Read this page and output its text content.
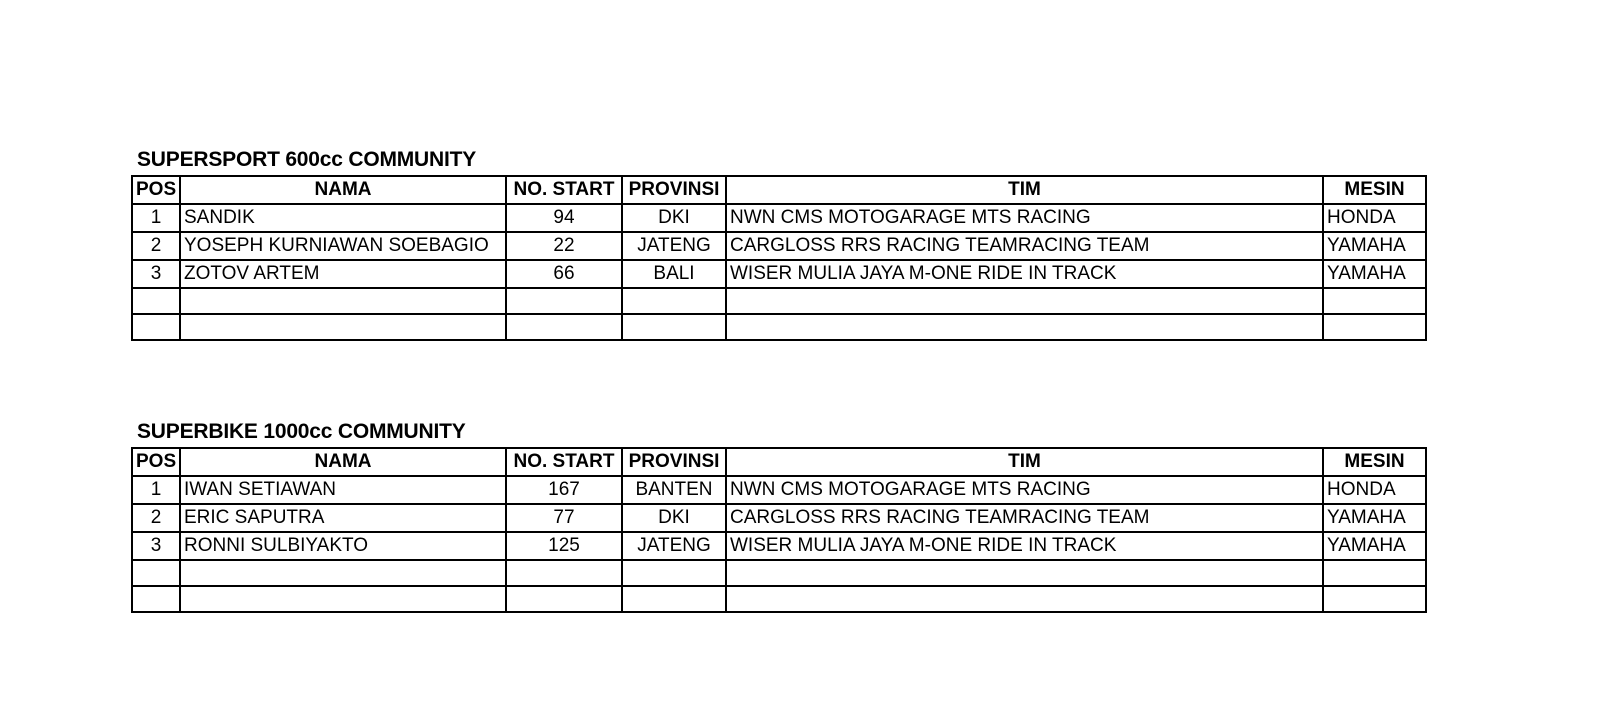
SUPERSPORT 600cc COMMUNITY
POS	NAMA	NO. START	PROVINSI	TIM	MESIN
1	SANDIK	94	DKI	NWN CMS MOTOGARAGE MTS RACING	HONDA
2	YOSEPH KURNIAWAN SOEBAGIO	22	JATENG	CARGLOSS RRS RACING TEAMRACING TEAM	YAMAHA
3	ZOTOV ARTEM	66	BALI	WISER MULIA JAYA M-ONE RIDE IN TRACK	YAMAHA

SUPERBIKE 1000cc COMMUNITY
POS	NAMA	NO. START	PROVINSI	TIM	MESIN
1	IWAN SETIAWAN	167	BANTEN	NWN CMS MOTOGARAGE MTS RACING	HONDA
2	ERIC SAPUTRA	77	DKI	CARGLOSS RRS RACING TEAMRACING TEAM	YAMAHA
3	RONNI SULBIYAKTO	125	JATENG	WISER MULIA JAYA M-ONE RIDE IN TRACK	YAMAHA
